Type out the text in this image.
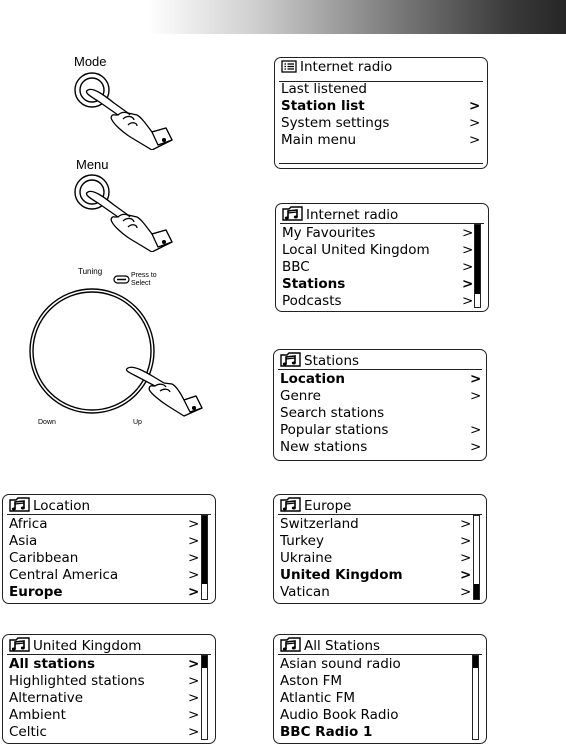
Mode
Menu
Tuning	Press to
Select
Down	Up
Internet radio
Last listened
Station list	>
System settings	>
Main menu	>
Internet radio
My Favourites	>
Local United Kingdom >
BBC	>
Stations	>
Podcasts	>
Stations
Location	>
Genre	>
Search stations
Popular stations	>
New stations	>
Location
Africa	>
Asia	>
Caribbean	>
Central America	>
Europe	>
Europe
Switzerland	>
Turkey	>
Ukraine	>
United Kingdom	>
Vatican	>
United Kingdom
All stations	>
Highlighted stations	>
Alternative	>
Ambient	>
Celtic	>
All Stations
Asian sound radio
Aston FM
Atlantic FM
Audio Book Radio
BBC Radio 1
